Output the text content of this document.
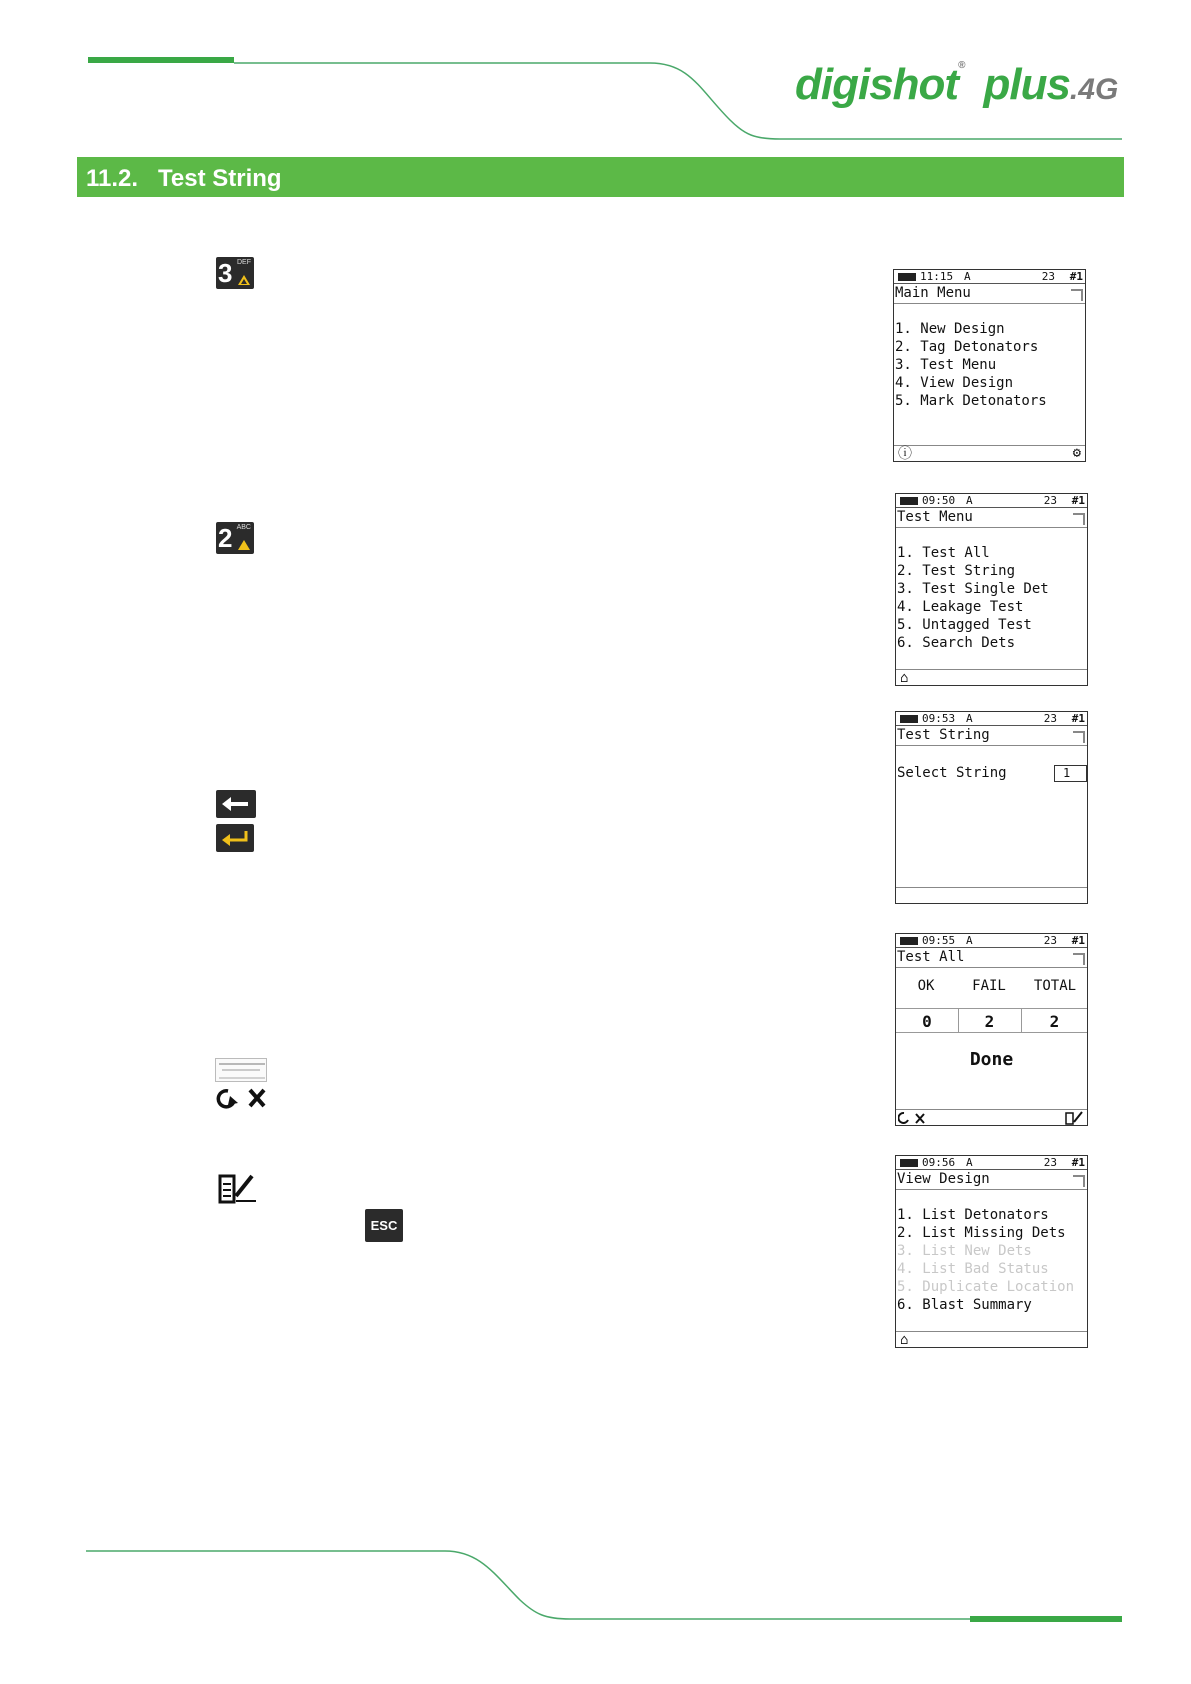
digishot® plus.4G
11.2. Test String
3 DEF
2 ABC
ESC
11:15 A	23 #1
Main Menu
1. New Design
2. Tag Detonators
3. Test Menu
4. View Design
5. Mark Detonators
ⓘ	⚙
09:50 A	23 #1
Test Menu
1. Test All
2. Test String
3. Test Single Det
4. Leakage Test
5. Untagged Test
6. Search Dets
⌂
09:53 A	23 #1
Test String
Select String	1
09:55 A	23 #1
Test All
OK	FAIL	TOTAL
0	2	2
Done
09:56 A	23 #1
View Design
1. List Detonators
2. List Missing Dets
3. List New Dets
4. List Bad Status
5. Duplicate Location
6. Blast Summary
⌂
